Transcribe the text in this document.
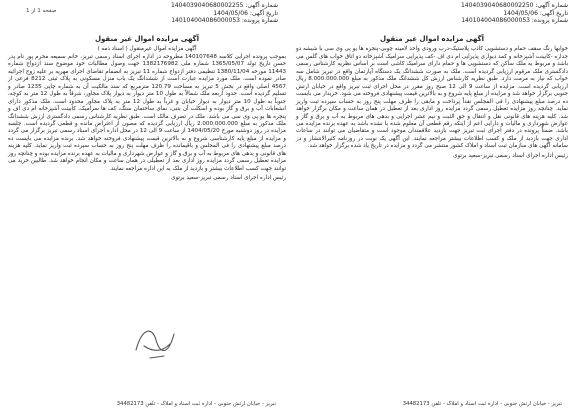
شماره آگهی: 1404039040680002255
تاریخ آگهی: 1404/05/06
شماره پرونده: 140104004086000053
شماره آگهی: 1404039040680002250
تاریخ آگهی: 1404/05/06
شماره پرونده: 140104004086000053
صفحه 1 از 1
آگهی مزایده اموال غیر منقول

خوابها رنگ سقف حمام و دستشویی کاذب پلاستیک-درب ورودی واحد لامینه چوبی-پنجره ها یو پی وی سی با شیشه دو جداره -کابینت آشپزخانه و کمد دیواری پذیرایی ام دی اف -کف پذیرایی سرامیک آشپزخانه دو اتاق خواب های گلس می باشد و مربوط به ملک ساکن که دستشویی ها و حمام دارای سرامیک کاشی است بر اساس نظریه کارشناس رسمی دادگستری ملک مرقوم ارزیابی گردیده است. ملک به صورت ششدانگ یک دستگاه آپارتمان واقع در تبریز شامل سه خواب که نیاز به مرمت دارد. طبق نظریه کارشناس ارزش کل ششدانگ ملک مذکور به مبلغ 8.000.000.000 ریال ارزیابی گردیده است. مزایده از ساعت 9 الی 12 صبح روز مقرر در محل اجرای ثبت تبریز واقع در خیابان ارتش جنوبی برگزار خواهد شد و مزایده از مبلغ پایه شروع و به بالاترین قیمت پیشنهادی فروخته می شود. خریدار می بایست ده درصد مبلغ پیشنهادی را فی المجلس نقداً پرداخت و مابقی را ظرف مهلت پنج روز به حساب سپرده ثبت واریز نماید. چنانچه روز مزایده تعطیل رسمی گردد مزایده روز اداری بعد از تعطیل در همان ساعت و مکان برگزار خواهد شد. کلیه هزینه های قانونی نقل و انتقال و حق الثبت و نیم عشر اجرایی و بدهی های مربوط به آب و برق و گاز و عوارض شهرداری و مالیات و دارایی اعم از اینکه رقم قطعی آن معلوم شده یا نشده باشد به عهده برنده مزایده می باشد. ضمناً پرونده در دفتر اجرای ثبت تبریز جهت بازدید علاقمندان موجود است و متقاضیان می توانند در ساعات اداری جهت بازدید از ملک و کسب اطلاعات بیشتر مراجعه نمایند. این آگهی یک نوبت در روزنامه کثیرالانتشار و در سامانه آگهی های سازمان ثبت اسناد و املاک کشور منتشر می گردد و مزایده در تاریخ یاد شده برگزار خواهد شد.

رئیس اداره اجرای اسناد رسمی تبریز-سعید برتوی
آگهی مزایده اموال غیر منقول
آگهی مزایده اموال غیرمنقول ( اسناد ذمه )

بموجب پرونده اجرایی کلاسه 140107648 مطروحه در اداره اجرای اسناد رسمی تبریز، خانم سمیعه محرم پور نام پدر حسن تاریخ تولد 1365/05/07 شماره ملی 1382176982 جهت وصول مطالبات خود موضوع سند ازدواج شماره 11443 مورخه 1380/11/04 تنظیمی دفتر ازدواج شماره 11 تبریز به انضمام تقاضای اجرای مهریه بر علیه زوج اجرائیه صادر نموده است. ملک مورد مزایده عبارت است از ششدانگ یک باب منزل مسکونی به پلاک ثبتی 8212 فرعی از 4567 اصلی واقع در بخش 5 تبریز به مساحت 120.79 مترمربع که سند مالکیت آن به شماره چاپی 1235 صادر و تسلیم گردیده است. حدود اربعه ملک شمالاً به طول 10 متر دیوار به دیوار پلاک مجاور، شرقاً به طول 12 متر به کوچه، جنوباً به طول 10 متر دیوار به دیوار خیابان و غرباً به طول 12 متر به پلاک مجاور محدود است. ملک مذکور دارای انشعابات آب و برق و گاز بوده و اسکلت آن بتنی، نمای ساختمان سنگ، کف ها سرامیک، کابینت آشپزخانه ام دی اف و پنجره ها یو پی وی سی می باشد. ملک در تصرف مالک است. طبق نظریه کارشناس رسمی دادگستری ارزش ششدانگ ملک مذکور به مبلغ 2.000.000.000 ریال ارزیابی گردیده که مصون از اعتراض مانده و قطعی گردیده است. جلسه مزایده در روز دوشنبه مورخ 1404/05/20 از ساعت 9 الی 12 در محل اداره اجرای اسناد رسمی تبریز برگزار می گردد و مزایده از مبلغ پایه کارشناسی شروع و به بالاترین قیمت پیشنهادی فروخته خواهد شد. برنده مزایده می بایست ده درصد مبلغ پیشنهادی را فی المجلس و باقیمانده را ظرف مهلت پنج روز به حساب سپرده ثبت واریز نماید. کلیه هزینه های قانونی و بدهی های مربوط به آب و برق و گاز و عوارض شهرداری و مالیات به عهده برنده مزایده بوده و چنانچه روز مزایده تعطیل رسمی گردد مزایده روز اداری بعد از تعطیلی در همان ساعت و مکان انجام خواهد شد. طالبین خرید می توانند جهت کسب اطلاعات بیشتر و بازدید از ملک به این اداره مراجعه نمایند.

رئیس اداره اجرای اسناد رسمی تبریز-سعید برتوی
تبریز - خیابان ارتش جنوبی - اداره ثبت اسناد و املاک - تلفن 34482173	تبریز - خیابان ارتش جنوبی - اداره ثبت اسناد و املاک - تلفن 34482173
